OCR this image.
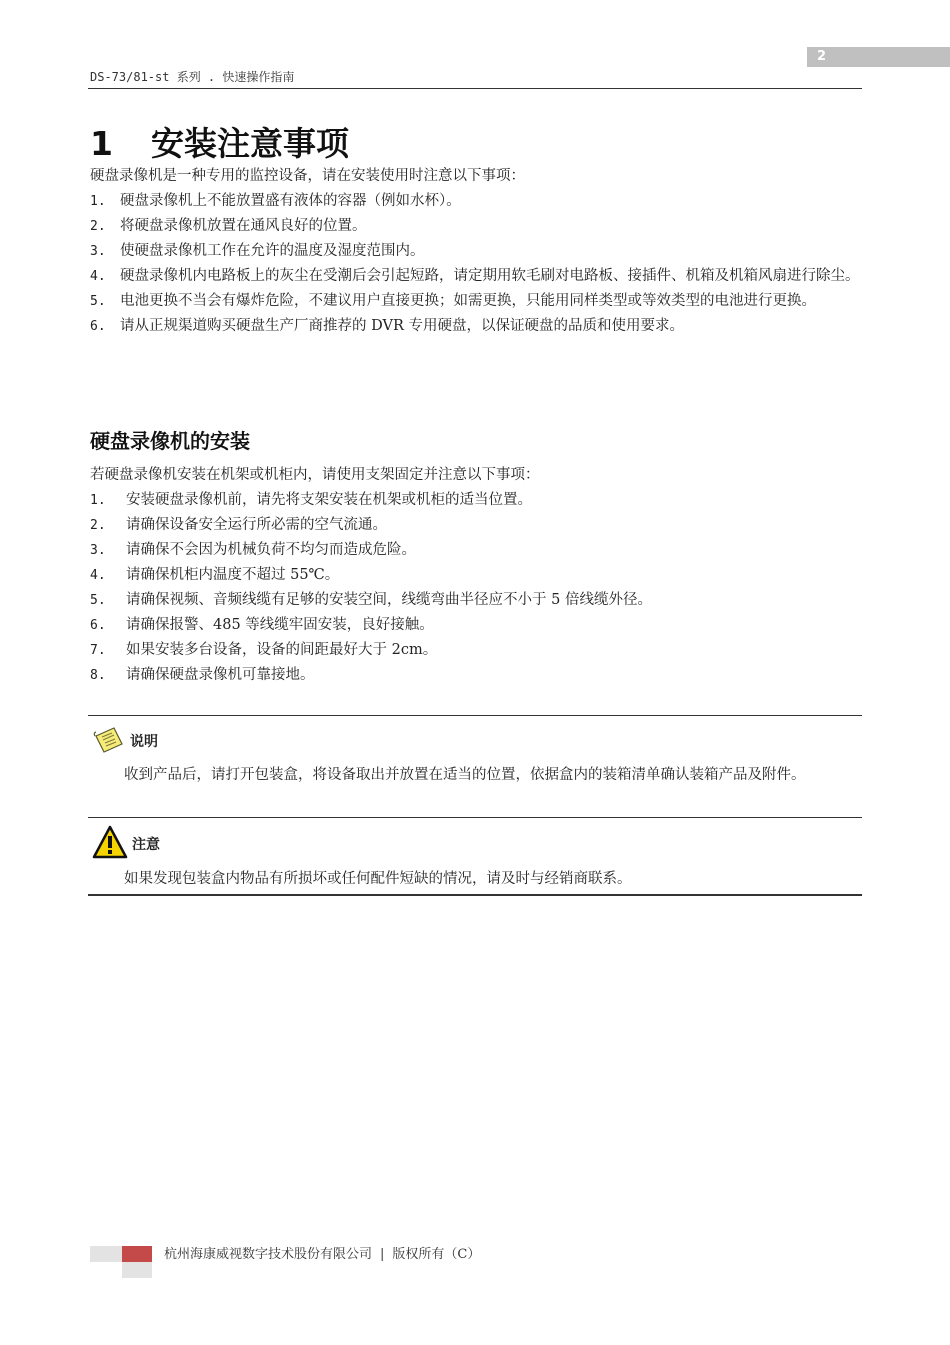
2
DS-73/81-st 系列 . 快速操作指南
1 安装注意事项

硬盘录像机是一种专用的监控设备，请在安装使用时注意以下事项：

1. 硬盘录像机上不能放置盛有液体的容器（例如水杯）。
2. 将硬盘录像机放置在通风良好的位置。
3. 使硬盘录像机工作在允许的温度及湿度范围内。
4. 硬盘录像机内电路板上的灰尘在受潮后会引起短路，请定期用软毛刷对电路板、接插件、机箱及机箱风扇进行除尘。
5. 电池更换不当会有爆炸危险，不建议用户直接更换；如需更换，只能用同样类型或等效类型的电池进行更换。
6. 请从正规渠道购买硬盘生产厂商推荐的 DVR 专用硬盘，以保证硬盘的品质和使用要求。
硬盘录像机的安装

若硬盘录像机安装在机架或机柜内，请使用支架固定并注意以下事项：

1.	安装硬盘录像机前，请先将支架安装在机架或机柜的适当位置。
2.	请确保设备安全运行所必需的空气流通。
3.	请确保不会因为机械负荷不均匀而造成危险。
4.	请确保机柜内温度不超过 55℃。
5.	请确保视频、音频线缆有足够的安装空间，线缆弯曲半径应不小于 5 倍线缆外径。
6.	请确保报警、485 等线缆牢固安装，良好接触。
7.	如果安装多台设备，设备的间距最好大于 2cm。
8.	请确保硬盘录像机可靠接地。
说明

收到产品后，请打开包装盒，将设备取出并放置在适当的位置，依据盒内的装箱清单确认装箱产品及附件。

注意

如果发现包装盒内物品有所损坏或任何配件短缺的情况，请及时与经销商联系。

杭州海康威视数字技术股份有限公司 | 版权所有（C）
